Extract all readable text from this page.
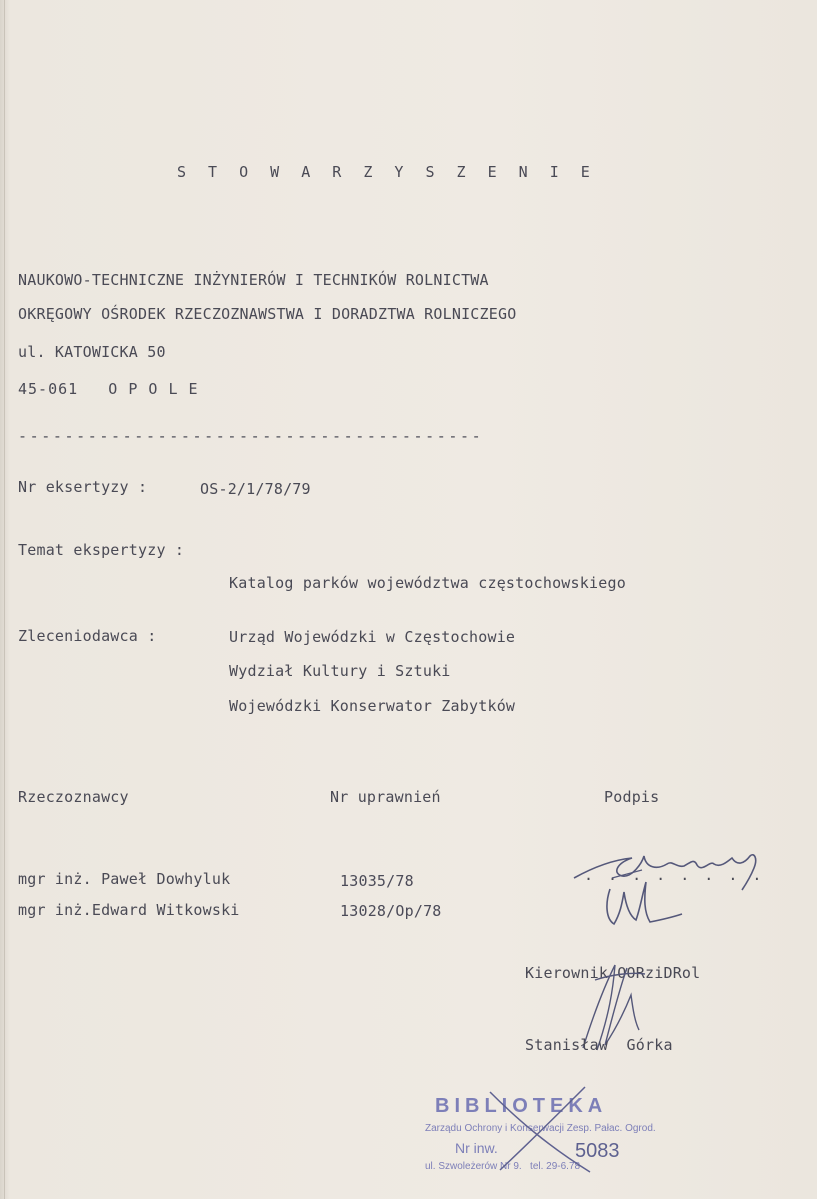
S T O W A R Z Y S Z E N I E
NAUKOWO-TECHNICZNE INŻYNIERÓW I TECHNIKÓW ROLNICTWA
OKRĘGOWY OŚRODEK RZECZOZNAWSTWA I DORADZTWA ROLNICZEGO
ul. KATOWICKA 50
45-061   O P O L E
----------------------------------------
Nr eksertyzy :	OS-2/1/78/79
Temat ekspertyzy :
Katalog parków województwa częstochowskiego
Zleceniodawca :	Urząd Wojewódzki w Częstochowie
Wydział Kultury i Sztuki
Wojewódzki Konserwator Zabytków
Rzeczoznawcy	Nr uprawnień	Podpis
mgr inż. Paweł Dowhyluk	13035/78
mgr inż.Edward Witkowski	13028/Op/78
. . . . . . . .
Kierownik OORziDRol
Stanisław  Górka
BIBLIOTEKA
Zarządu Ochrony i Konserwacji Zesp. Pałac. Ogrod.
Nr inw.	5083
ul. Szwoleżerów Nr 9.   tel. 29-6.78
